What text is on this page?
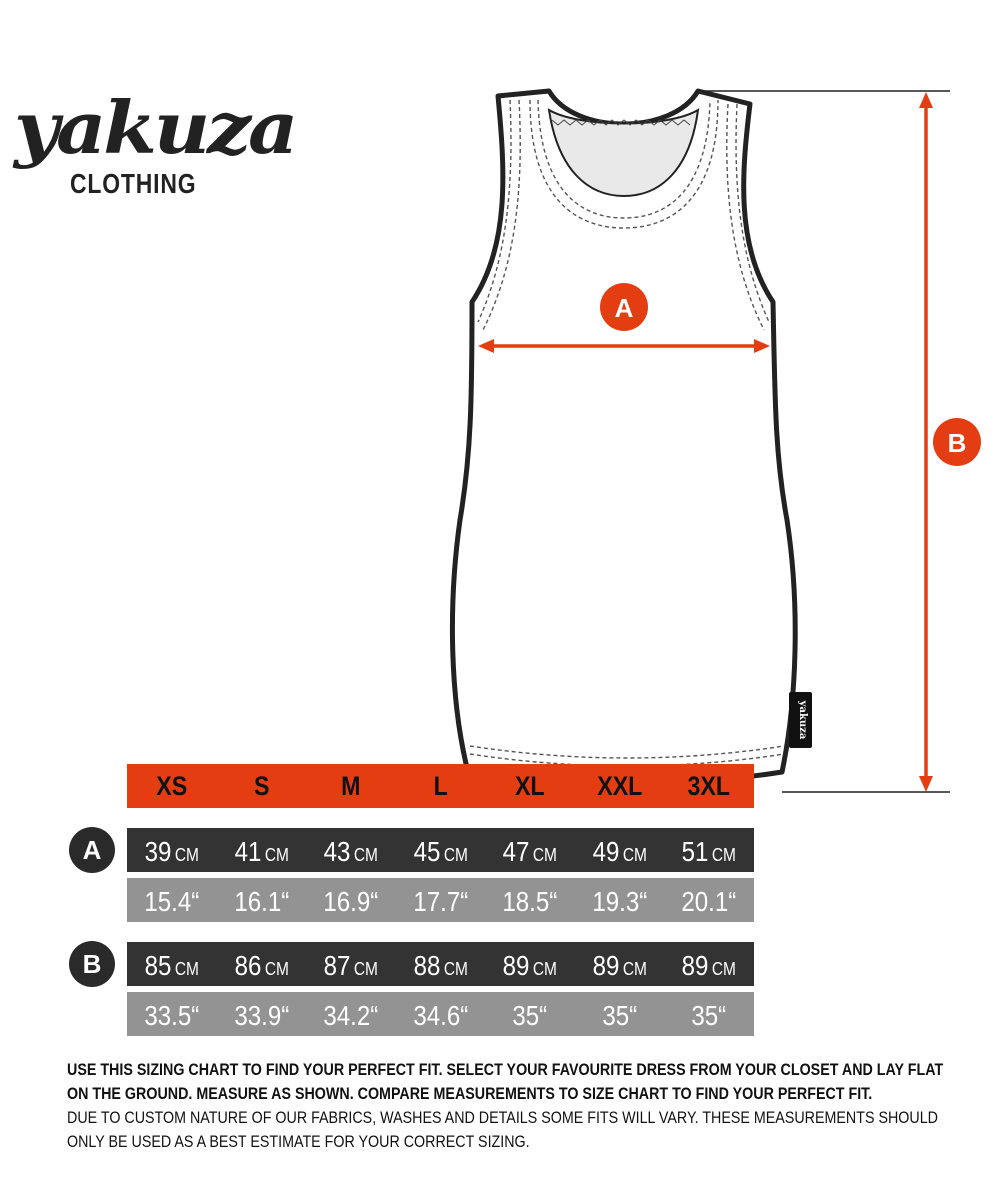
yakuza
CLOTHING
yakuza
A
B
XS	S	M	L	XL	XXL	3XL
A
B
39 CM 41 CM 43 CM 45 CM 47 CM 49 CM 51 CM
15.4“	16.1“	16.9“	17.7“	18.5“	19.3“	20.1“
85 CM 86 CM 87 CM 88 CM 89 CM 89 CM 89 CM
33.5“	33.9“	34.2“	34.6“	35“	35“	35“

USE THIS SIZING CHART TO FIND YOUR PERFECT FIT. SELECT YOUR FAVOURITE DRESS FROM YOUR CLOSET AND LAY FLAT ON THE GROUND. MEASURE AS SHOWN. COMPARE MEASUREMENTS TO SIZE CHART TO FIND YOUR PERFECT FIT.

DUE TO CUSTOM NATURE OF OUR FABRICS, WASHES AND DETAILS SOME FITS WILL VARY. THESE MEASUREMENTS SHOULD ONLY BE USED AS A BEST ESTIMATE FOR YOUR CORRECT SIZING.
